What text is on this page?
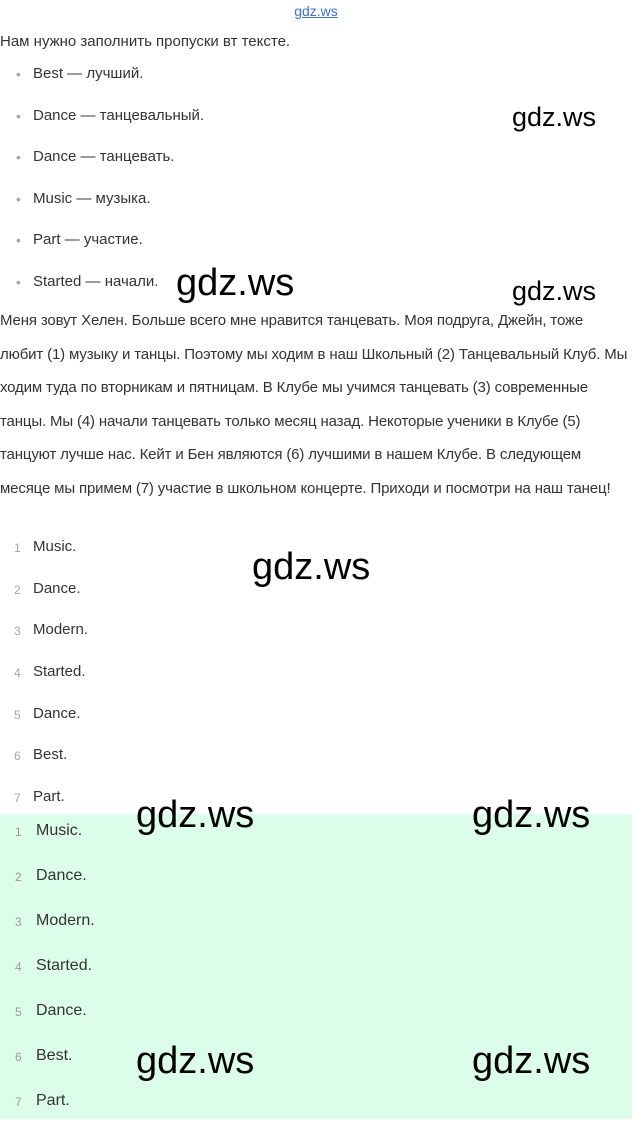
gdz.ws
Нам нужно заполнить пропуски вт тексте.
• Best — лучший.
• Dance — танцевальный.
• Dance — танцевать.
• Music — музыка.
• Part — участие.
• Started — начали.

Меня зовут Хелен. Больше всего мне нравится танцевать. Моя подруга, Джейн, тоже любит (1) музыку и танцы. Поэтому мы ходим в наш Школьный (2) Танцевальный Клуб. Мы ходим туда по вторникам и пятницам. В Клубе мы учимся танцевать (3) современные танцы. Мы (4) начали танцевать только месяц назад. Некоторые ученики в Клубе (5) танцуют лучше нас. Кейт и Бен являются (6) лучшими в нашем Клубе. В следующем месяце мы примем (7) участие в школьном концерте. Приходи и посмотри на наш танец!

1 Music.
2 Dance.
3 Modern.
4 Started.
5 Dance.
6 Best.
7 Part.
1 Music.
2 Dance.
3 Modern.
4 Started.
5 Dance.
6 Best.
7 Part.
gdz.ws
gdz.ws	gdz.ws
gdz.ws
gdz.ws	gdz.ws
gdz.ws	gdz.ws
